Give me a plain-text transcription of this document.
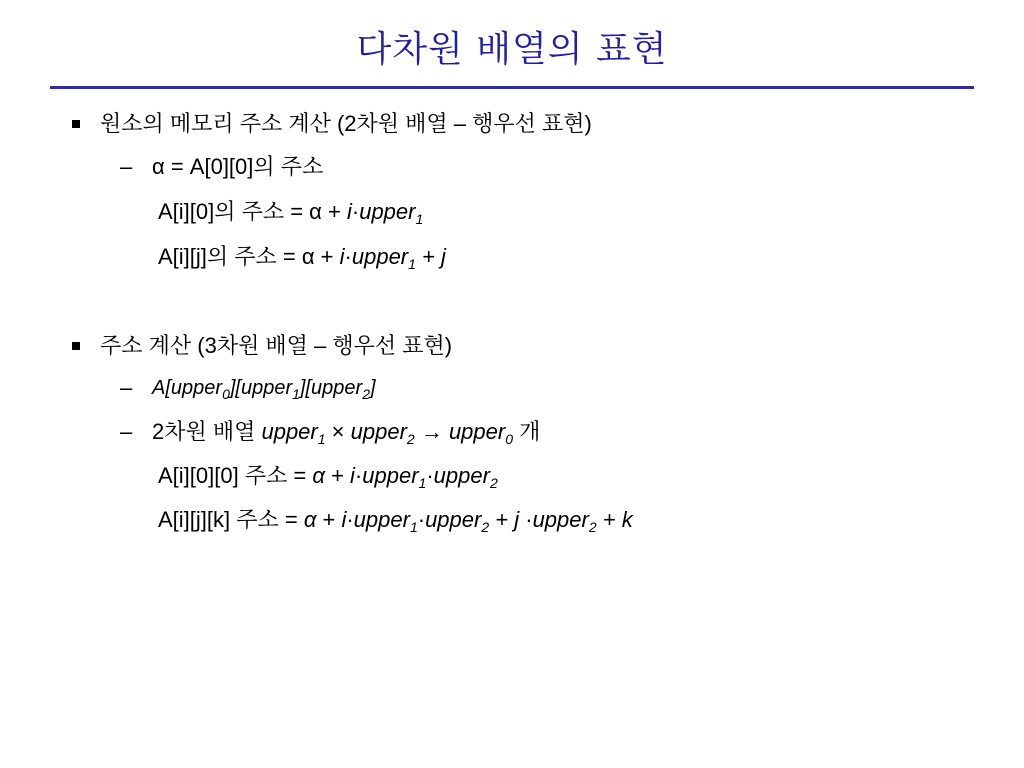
다차원 배열의 표현
원소의 메모리 주소 계산 (2차원 배열 – 행우선 표현)
– α = A[0][0]의 주소
A[i][0]의 주소 = α + i·upper$_1$
A[i][j]의 주소 = α + i·upper$_1$ + j
주소 계산 (3차원 배열 – 행우선 표현)
– A[upper$_0$][upper$_1$][upper$_2$]
– 2차원 배열 upper$_1$ × upper$_2$ → upper$_0$ 개
A[i][0][0] 주소 = α + i·upper$_1$·upper$_2$
A[i][j][k] 주소 = α + i·upper$_1$·upper$_2$ + j ·upper$_2$ + k
